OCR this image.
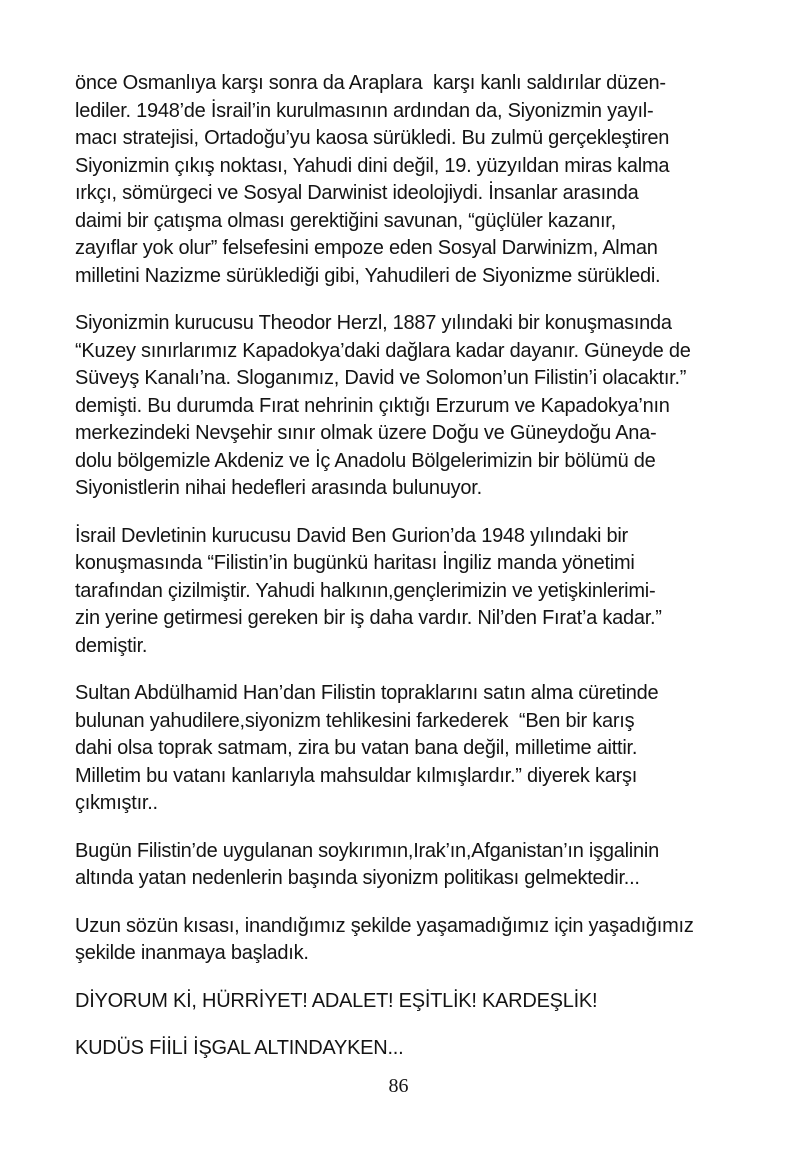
önce Osmanlıya karşı sonra da Araplara  karşı kanlı saldırılar düzen-
lediler. 1948’de İsrail’in kurulmasının ardından da, Siyonizmin yayıl-
macı stratejisi, Ortadoğu’yu kaosa sürükledi. Bu zulmü gerçekleştiren
Siyonizmin çıkış noktası, Yahudi dini değil, 19. yüzyıldan miras kalma
ırkçı, sömürgeci ve Sosyal Darwinist ideolojiydi. İnsanlar arasında
daimi bir çatışma olması gerektiğini savunan, “güçlüler kazanır,
zayıflar yok olur” felsefesini empoze eden Sosyal Darwinizm, Alman
milletini Nazizme sürüklediği gibi, Yahudileri de Siyonizme sürükledi.

Siyonizmin kurucusu Theodor Herzl, 1887 yılındaki bir konuşmasında
“Kuzey sınırlarımız Kapadokya’daki dağlara kadar dayanır. Güneyde de
Süveyş Kanalı’na. Sloganımız, David ve Solomon’un Filistin’i olacaktır.”
demişti. Bu durumda Fırat nehrinin çıktığı Erzurum ve Kapadokya’nın
merkezindeki Nevşehir sınır olmak üzere Doğu ve Güneydoğu Ana-
dolu bölgemizle Akdeniz ve İç Anadolu Bölgelerimizin bir bölümü de
Siyonistlerin nihai hedefleri arasında bulunuyor.

İsrail Devletinin kurucusu David Ben Gurion’da 1948 yılındaki bir
konuşmasında “Filistin’in bugünkü haritası İngiliz manda yönetimi
tarafından çizilmiştir. Yahudi halkının,gençlerimizin ve yetişkinlerimi-
zin yerine getirmesi gereken bir iş daha vardır. Nil’den Fırat’a kadar.”
demiştir.

Sultan Abdülhamid Han’dan Filistin topraklarını satın alma cüretinde
bulunan yahudilere,siyonizm tehlikesini farkederek  “Ben bir karış
dahi olsa toprak satmam, zira bu vatan bana değil, milletime aittir.
Milletim bu vatanı kanlarıyla mahsuldar kılmışlardır.” diyerek karşı
çıkmıştır..

Bugün Filistin’de uygulanan soykırımın,Irak’ın,Afganistan’ın işgalinin
altında yatan nedenlerin başında siyonizm politikası gelmektedir...

Uzun sözün kısası, inandığımız şekilde yaşamadığımız için yaşadığımız
şekilde inanmaya başladık.

DİYORUM Kİ, HÜRRİYET! ADALET! EŞİTLİK! KARDEŞLİK!

KUDÜS FİİLİ İŞGAL ALTINDAYKEN...

86
